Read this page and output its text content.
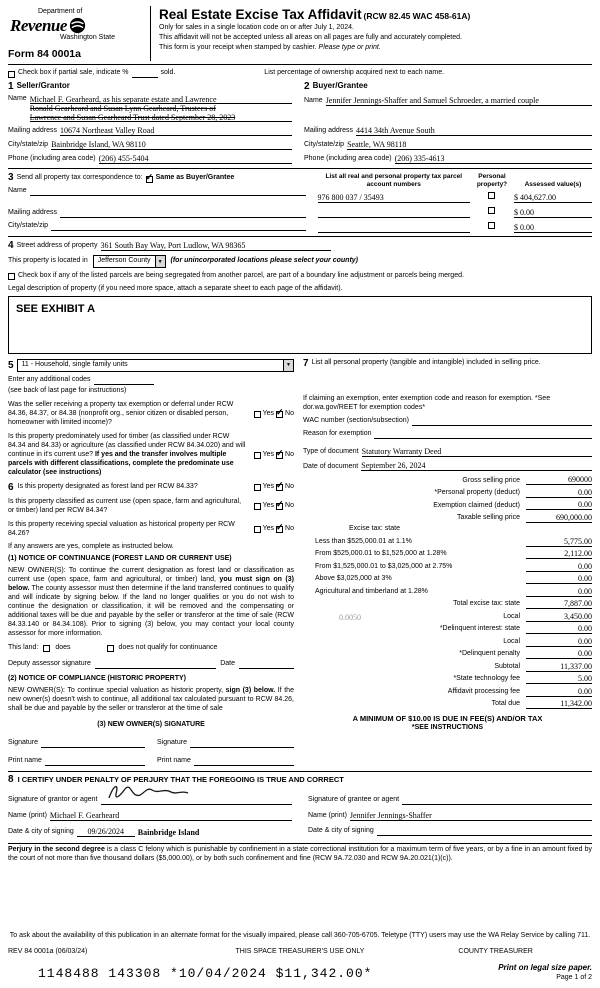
Department of
Revenue
Washington State
Form 84 0001a
Real Estate Excise Tax Affidavit (RCW 82.45 WAC 458-61A)
Only for sales in a single location code on or after July 1, 2024.
This affidavit will not be accepted unless all areas on all pages are fully and accurately completed.
This form is your receipt when stamped by cashier. Please type or print.
Check box if partial sale, indicate %	sold.	List percentage of ownership acquired next to each name.
1 Seller/Grantor
Name Michael F. Gearheard, as his separate estate and Lawrence
Ronald Gearheard and Susan Lynn Gearheard, Trustees of
Lawrence and Susan Gearheard Trust dated September 28, 2023
Mailing address 10674 Northeast Valley Road
City/state/zip Bainbridge Island, WA 98110
Phone (including area code) (206) 455-5404
2 Buyer/Grantee
Name Jennifer Jennings-Shaffer and Samuel Schroeder, a married couple
Mailing address 4414 34th Avenue South
City/state/zip Seattle, WA 98118
Phone (including area code) (206) 335-4613
3 Send all property tax correspondence to: ✓ Same as Buyer/Grantee
Name
Mailing address
City/state/zip
List all real and personal property tax parcel account numbers
Personal property?	Assessed value(s)
976 800 037 / 35493	$ 404,627.00
$ 0.00
$ 0.00
4 Street address of property 361 South Bay Way, Port Ludlow, WA 98365
This property is located in	Jefferson County	▼ (for unincorporated locations please select your county)
Check box if any of the listed parcels are being segregated from another parcel, are part of a boundary line adjustment or parcels being merged.
Legal description of property (if you need more space, attach a separate sheet to each page of the affidavit).
SEE EXHIBIT A
5	11 - Household, single family units	▼
Enter any additional codes
(see back of last page for instructions)
Was the seller receiving a property tax exemption or deferral under RCW 84.36, 84.37, or 84.38 (nonprofit org., senior citizen or disabled person, homeowner with limited income)?
Yes ✓ No
Is this property predominately used for timber (as classified under RCW 84.34 and 84.33) or agriculture (as classified under RCW 84.34.020) and will continue in it's current use? If yes and the transfer involves multiple parcels with different classifications, complete the predominate use calculator (see instructions)
Yes ✓ No
6 Is this property designated as forest land per RCW 84.33?	Yes ✓ No
Is this property classified as current use (open space, farm and agricultural, or timber) land per RCW 84.34?
Yes ✓ No
Is this property receiving special valuation as historical property per RCW 84.26?
Yes ✓ No
If any answers are yes, complete as instructed below.
(1) NOTICE OF CONTINUANCE (FOREST LAND OR CURRENT USE)
NEW OWNER(S): To continue the current designation as forest land or classification as current use (open space, farm and agricultural, or timber) land, you must sign on (3) below. The county assessor must then determine if the land transferred continues to qualify and will indicate by signing below. If the land no longer qualifies or you do not wish to continue the designation or classification, it will be removed and the compensating or additional taxes will be due and payable by the seller or transferor at the time of sale (RCW 84.33.140 or 84.34.108). Prior to signing (3) below, you may contact your local county assessor for more information.
This land: does	does not qualify for continuance
Deputy assessor signature	Date
(2) NOTICE OF COMPLIANCE (HISTORIC PROPERTY)
NEW OWNER(S): To continue special valuation as historic property, sign (3) below. If the new owner(s) doesn't wish to continue, all additional tax calculated pursuant to RCW 84.26, shall be due and payable by the seller or transferor at the time of sale
(3) NEW OWNER(S) SIGNATURE
Signature	Signature
Print name	Print name
7 List all personal property (tangible and intangible) included in selling price.
If claiming an exemption, enter exemption code and reason for exemption. *See dor.wa.gov/REET for exemption codes*
WAC number (section/subsection)
Reason for exemption
Type of document Statutory Warranty Deed
Date of document September 26, 2024
Gross selling price	690000
*Personal property (deduct)	0.00
Exemption claimed (deduct)	0.00
Taxable selling price	690,000.00
Excise tax: state
Less than $525,000.01 at 1.1%	5,775.00
From $525,000.01 to $1,525,000 at 1.28%	2,112.00
From $1,525,000.01 to $3,025,000 at 2.75%	0.00
Above $3,025,000 at 3%	0.00
Agricultural and timberland at 1.28%	0.00
Total excise tax: state	7,887.00
0.0050	Local	3,450.00
*Delinquent interest: state	0.00
Local	0.00
*Delinquent penalty	0.00
Subtotal	11,337.00
*State technology fee	5.00
Affidavit processing fee	0.00
Total due	11,342.00
A MINIMUM OF $10.00 IS DUE IN FEE(S) AND/OR TAX
*SEE INSTRUCTIONS
8 I CERTIFY UNDER PENALTY OF PERJURY THAT THE FOREGOING IS TRUE AND CORRECT
Signature of grantor or agent
Name (print) Michael F. Gearheard
Date & city of signing	09/26/2024	Bainbridge Island
Signature of grantee or agent
Name (print) Jennifer Jennings-Shaffer
Date & city of signing
Perjury in the second degree is a class C felony which is punishable by confinement in a state correctional institution for a maximum term of five years, or by a fine in an amount fixed by the court of not more than five thousand dollars ($5,000.00), or by both such confinement and fine (RCW 9A.72.030 and RCW 9A.20.021(1)(c)).
To ask about the availability of this publication in an alternate format for the visually impaired, please call 360-705-6705. Teletype (TTY) users may use the WA Relay Service by calling 711.
REV 84 0001a (06/03/24)	THIS SPACE TREASURER'S USE ONLY	COUNTY TREASURER
1148488 143308 *10/04/2024 $11,342.00*	Print on legal size paper.
Page 1 of 2
